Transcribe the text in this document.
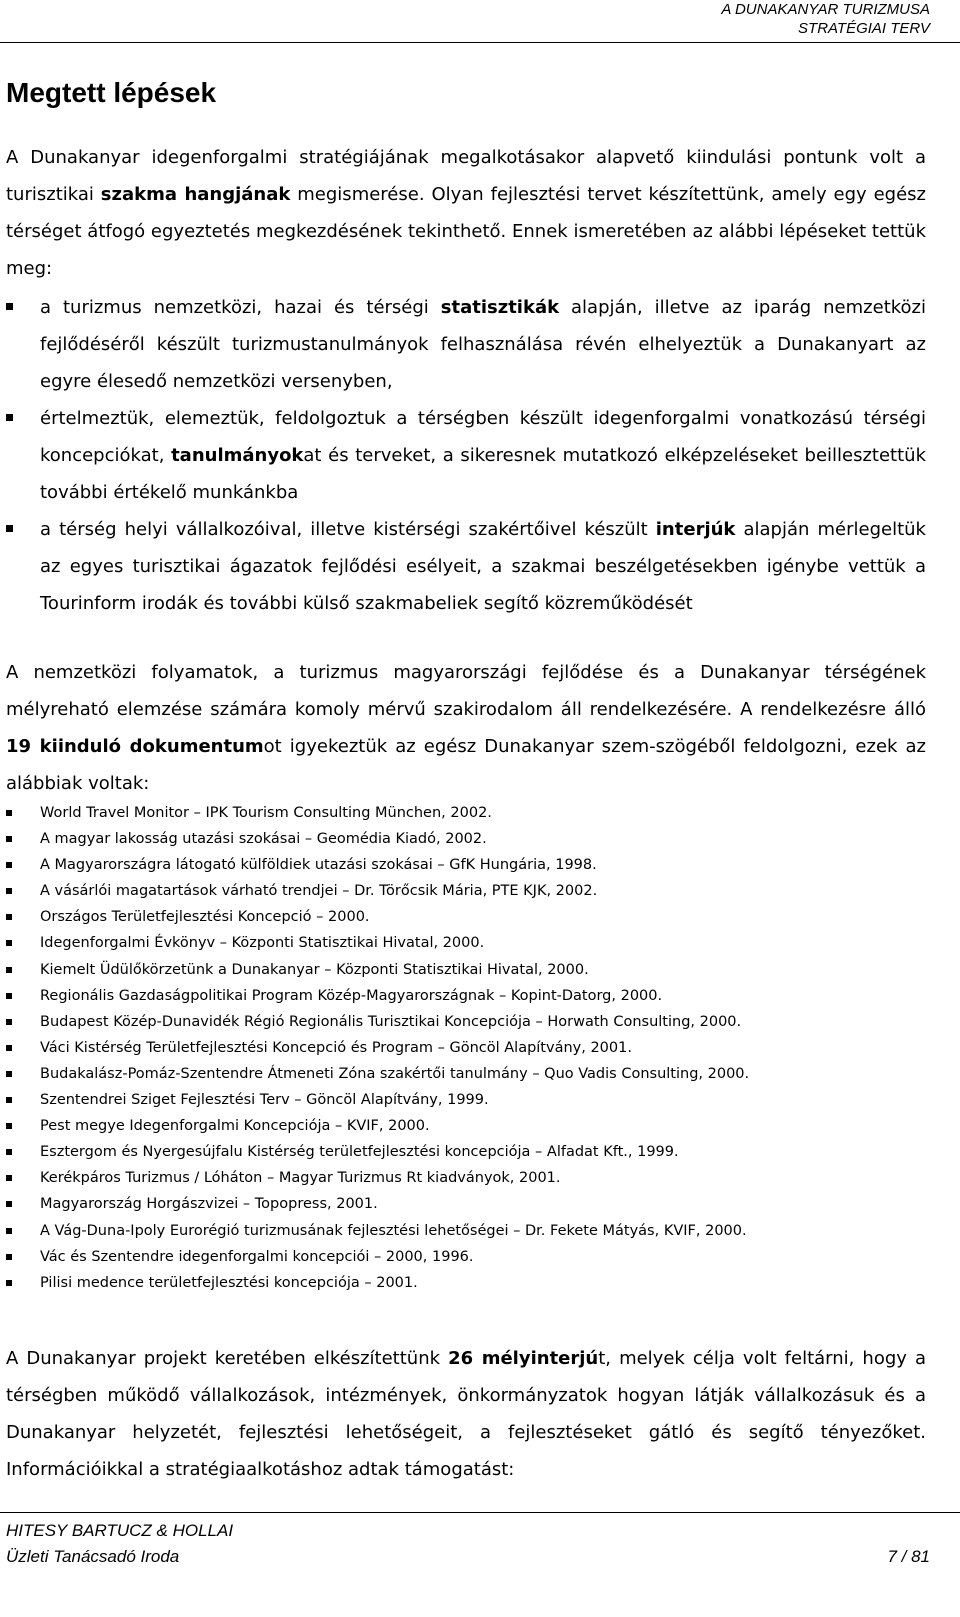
A DUNAKANYAR TURIZMUSA
STRATÉGIAI TERV
Megtett lépések

A Dunakanyar idegenforgalmi stratégiájának megalkotásakor alapvető kiindulási pontunk volt a turisztikai szakma hangjának megismerése. Olyan fejlesztési tervet készítettünk, amely egy egész térséget átfogó egyeztetés megkezdésének tekinthető. Ennek ismeretében az alábbi lépéseket tettük meg:

a turizmus nemzetközi, hazai és térségi statisztikák alapján, illetve az iparág nemzetközi fejlődéséről készült turizmustanulmányok felhasználása révén elhelyeztük a Dunakanyart az egyre élesedő nemzetközi versenyben,
értelmeztük, elemeztük, feldolgoztuk a térségben készült idegenforgalmi vonatkozású térségi koncepciókat, tanulmányokat és terveket, a sikeresnek mutatkozó elképzeléseket beillesztettük további értékelő munkánkba
a térség helyi vállalkozóival, illetve kistérségi szakértőivel készült interjúk alapján mérlegeltük az egyes turisztikai ágazatok fejlődési esélyeit, a szakmai beszélgetésekben igénybe vettük a Tourinform irodák és további külső szakmabeliek segítő közreműködését

A nemzetközi folyamatok, a turizmus magyarországi fejlődése és a Dunakanyar térségének mélyreható elemzése számára komoly mérvű szakirodalom áll rendelkezésére. A rendelkezésre álló 19 kiinduló dokumentumot igyekeztük az egész Dunakanyar szem-szögéből feldolgozni, ezek az alábbiak voltak:

World Travel Monitor – IPK Tourism Consulting München, 2002.
A magyar lakosság utazási szokásai – Geomédia Kiadó, 2002.
A Magyarországra látogató külföldiek utazási szokásai – GfK Hungária, 1998.
A vásárlói magatartások várható trendjei – Dr. Törőcsik Mária, PTE KJK, 2002.
Országos Területfejlesztési Koncepció – 2000.
Idegenforgalmi Évkönyv – Központi Statisztikai Hivatal, 2000.
Kiemelt Üdülőkörzetünk a Dunakanyar – Központi Statisztikai Hivatal, 2000.
Regionális Gazdaságpolitikai Program Közép-Magyarországnak – Kopint-Datorg, 2000.
Budapest Közép-Dunavidék Régió Regionális Turisztikai Koncepciója – Horwath Consulting, 2000.
Váci Kistérség Területfejlesztési Koncepció és Program – Göncöl Alapítvány, 2001.
Budakalász-Pomáz-Szentendre Átmeneti Zóna szakértői tanulmány – Quo Vadis Consulting, 2000.
Szentendrei Sziget Fejlesztési Terv – Göncöl Alapítvány, 1999.
Pest megye Idegenforgalmi Koncepciója – KVIF, 2000.
Esztergom és Nyergesújfalu Kistérség területfejlesztési koncepciója – Alfadat Kft., 1999.
Kerékpáros Turizmus / Lóháton – Magyar Turizmus Rt kiadványok, 2001.
Magyarország Horgászvizei – Topopress, 2001.
A Vág-Duna-Ipoly Eurorégió turizmusának fejlesztési lehetőségei – Dr. Fekete Mátyás, KVIF, 2000.
Vác és Szentendre idegenforgalmi koncepciói – 2000, 1996.
Pilisi medence területfejlesztési koncepciója – 2001.

A Dunakanyar projekt keretében elkészítettünk 26 mélyinterjút, melyek célja volt feltárni, hogy a térségben működő vállalkozások, intézmények, önkormányzatok hogyan látják vállalkozásuk és a Dunakanyar helyzetét, fejlesztési lehetőségeit, a fejlesztéseket gátló és segítő tényezőket. Információikkal a stratégiaalkotáshoz adtak támogatást:

HITESY BARTUCZ & HOLLAI
Üzleti Tanácsadó Iroda	7 / 81
